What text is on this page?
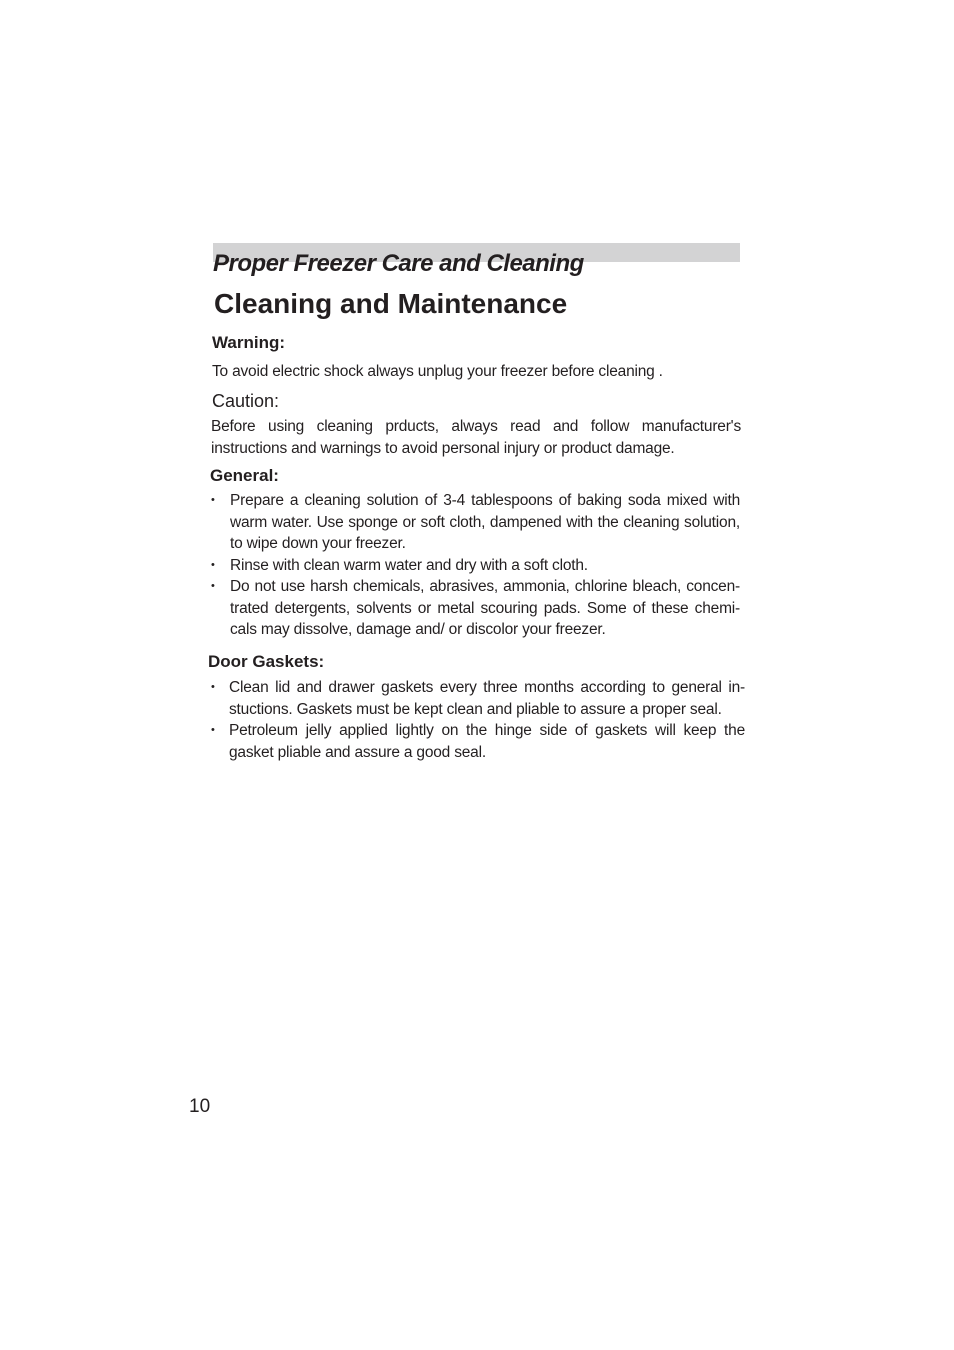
Proper Freezer Care and Cleaning
Cleaning and Maintenance
Warning:
To avoid electric shock always unplug your freezer before cleaning .
Caution:
Before using cleaning prducts, always read and follow manufacturer's instructions and warnings to avoid personal injury or product damage.
General:
• Prepare a cleaning solution of 3-4 tablespoons of baking soda mixed with warm water. Use sponge or soft cloth, dampened with the cleaning solution, to wipe down your freezer.
• Rinse with clean warm water and dry with a soft cloth.
• Do not use harsh chemicals, abrasives, ammonia, chlorine bleach, concen-trated detergents, solvents or metal scouring pads. Some of these chemi-cals may dissolve, damage and/ or discolor your freezer.
Door Gaskets:
• Clean lid and drawer gaskets every three months according to general in-stuctions. Gaskets must be kept clean and pliable to assure a proper seal.
• Petroleum jelly applied lightly on the hinge side of gaskets will keep the gasket pliable and assure a good seal.
10
